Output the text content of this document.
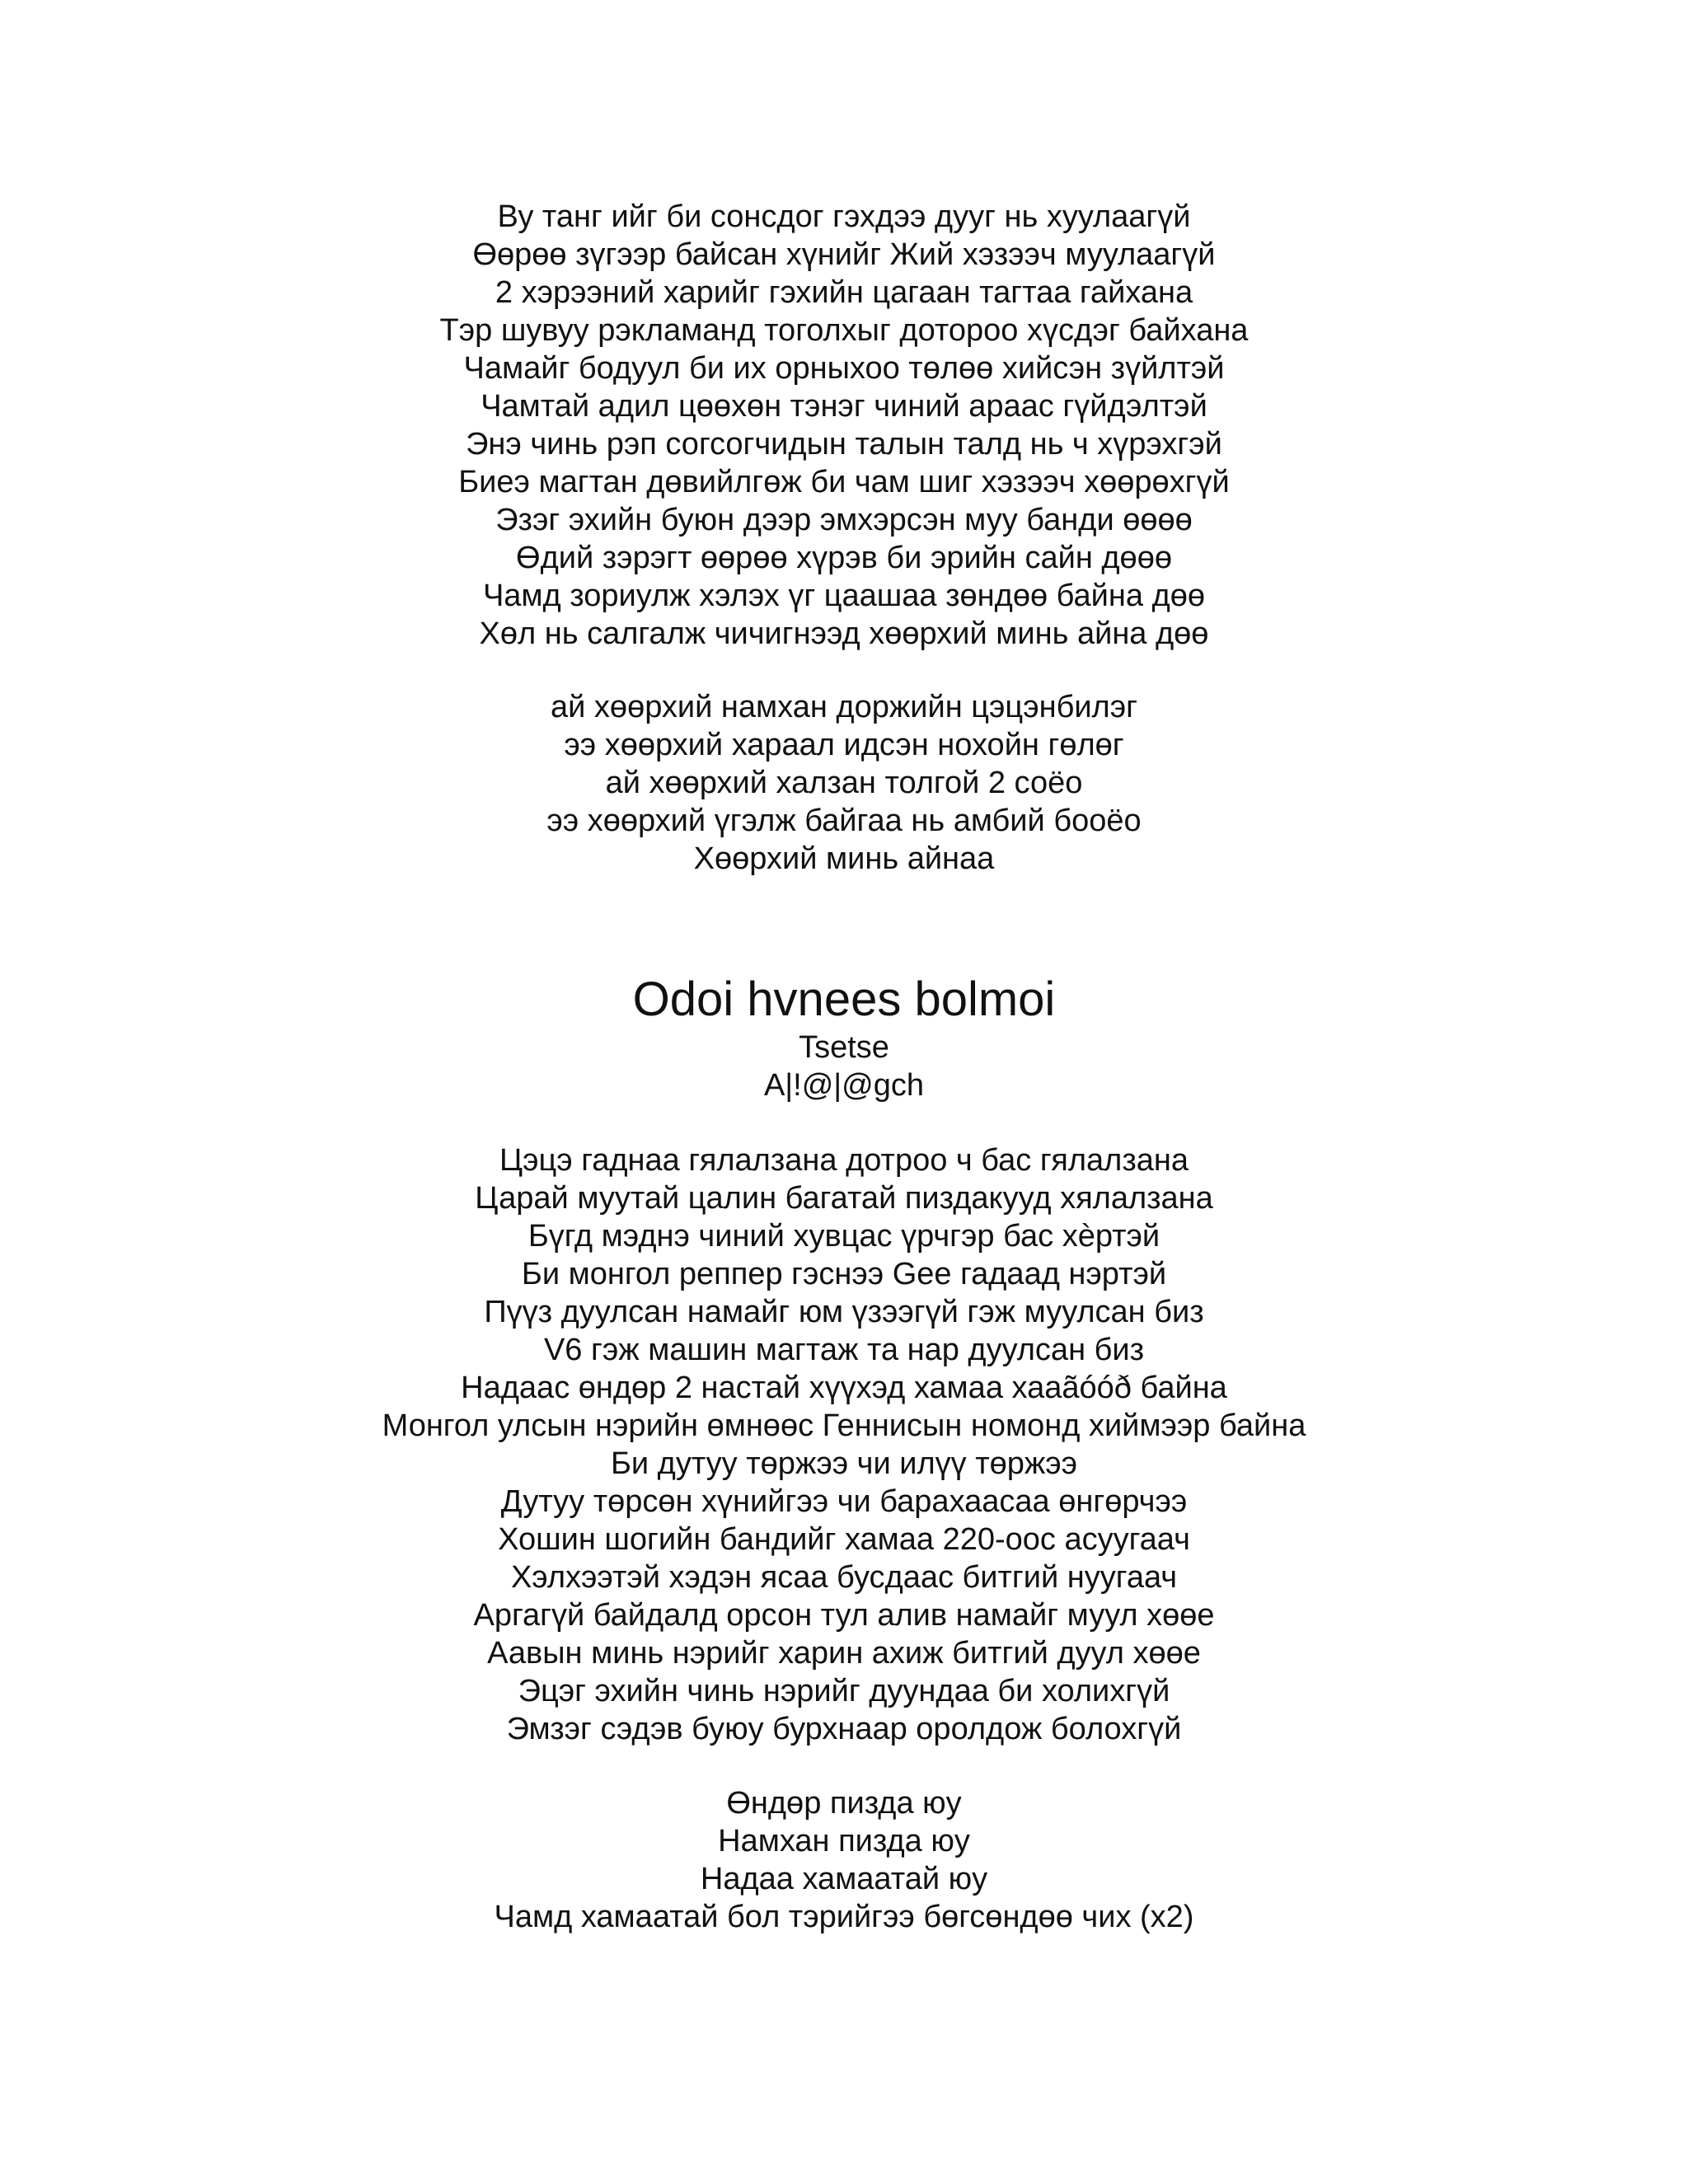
Ву танг ийг би сонсдог гэхдээ дууг нь хуулаагүй
Өөрөө зүгээр байсан хүнийг Жий хэзээч муулаагүй
2 хэрээний харийг гэхийн цагаан тагтаа гайхана
Тэр шувуу рэкламанд тоголхыг дотороо хүсдэг байхана
Чамайг бодуул би их орныхоо төлөө хийсэн зүйлтэй
Чамтай адил цөөхөн тэнэг чиний араас гүйдэлтэй
Энэ чинь рэп согсогчидын талын талд нь ч хүрэхгэй
Биеэ магтан дөвийлгөж би чам шиг хэзээч хөөрөхгүй
Эзэг эхийн буюн дээр эмхэрсэн муу банди өөөө
Өдий зэрэгт өөрөө хүрэв би эрийн сайн дөөө
Чамд зориулж хэлэх үг цаашаа зөндөө байна дөө
Хөл нь салгалж чичигнээд хөөрхий минь айна дөө
ай хөөрхий намхан доржийн цэцэнбилэг
ээ хөөрхий хараал идсэн нохойн гөлөг
ай хөөрхий халзан толгой 2 соёо
ээ хөөрхий үгэлж байгаа нь амбий бооёо
Хөөрхий минь айнаа
Odoi hvnees bolmoi
Tsetse
A|!@|@gch
Цэцэ гаднаа гялалзана дотроо ч бас гялалзана
Царай муутай цалин багатай пиздакууд хялалзана
Бүгд мэднэ чиний хувцас үрчгэр бас хѐртэй
Би монгол реппер гэснээ Gee гадаад нэртэй
Пүүз дуулсан намайг юм үзээгүй гэж муулсан биз
V6 гэж машин магтаж та нар дуулсан биз
Надаас өндөр 2 настай хүүхэд хамаа хааãóóð байна
Монгол улсын нэрийн өмнөөс Геннисын номонд хиймээр байна
Би дутуу төржээ чи илүү төржээ
Дутуу төрсөн хүнийгээ чи барахаасаа өнгөрчээ
Хошин шогийн бандийг хамаа 220-оос асуугаач
Хэлхээтэй хэдэн ясаа бусдаас битгий нуугаач
Аргагүй байдалд орсон тул алив намайг муул хөөе
Аавын минь нэрийг харин ахиж битгий дуул хөөе
Эцэг эхийн чинь нэрийг дуундаа би холихгүй
Эмзэг сэдэв буюу бурхнаар оролдож болохгүй
Өндөр пизда юу
Намхан пизда юу
Надаа хамаатай юу
Чамд хамаатай бол тэрийгээ бөгсөндөө чих (x2)
